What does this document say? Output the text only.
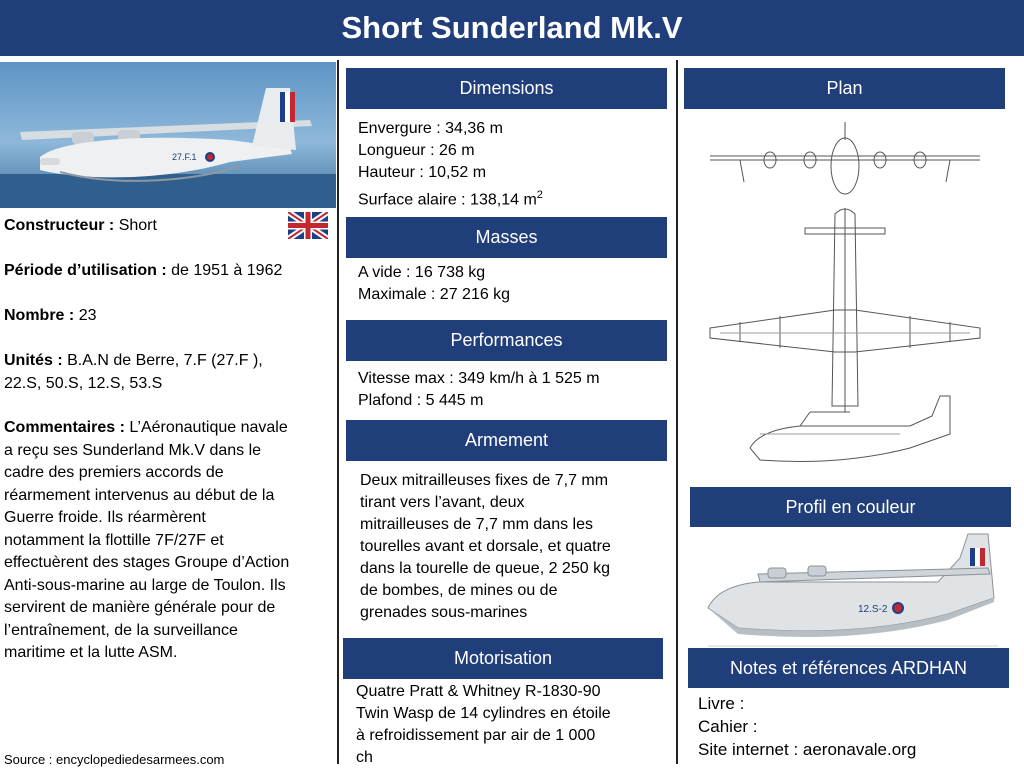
Short Sunderland Mk.V
27.F.1
Constructeur : Short
Période d’utilisation : de 1951 à 1962
Nombre : 23
Unités : B.A.N de Berre, 7.F (27.F ),
22.S, 50.S, 12.S, 53.S
Commentaires : L’Aéronautique navale
a reçu ses Sunderland Mk.V dans le
cadre des premiers accords de
réarmement intervenus au début de la
Guerre froide. Ils réarmèrent
notamment la flottille 7F/27F et
effectuèrent des stages Groupe d’Action
Anti-sous-marine au large de Toulon. Ils
servirent de manière générale pour de
l’entraînement, de la surveillance
maritime et la lutte ASM.
Source : encyclopediedesarmees.com
Dimensions
Envergure : 34,36 m
Longueur : 26 m
Hauteur : 10,52 m
Surface alaire : 138,14 $m^2$
Masses
A vide : 16 738 kg
Maximale : 27 216 kg
Performances
Vitesse max : 349 km/h à 1 525 m
Plafond : 5 445 m
Armement
Deux mitrailleuses fixes de 7,7 mm
tirant vers l’avant, deux
mitrailleuses de 7,7 mm dans les
tourelles avant et dorsale, et quatre
dans la tourelle de queue, 2 250 kg
de bombes, de mines ou de
grenades sous-marines
Motorisation
Quatre Pratt & Whitney R-1830-90
Twin Wasp de 14 cylindres en étoile
à refroidissement par air de 1 000
ch
Plan
Profil en couleur
12.S-2
Notes et références ARDHAN
Livre :
Cahier :
Site internet : aeronavale.org
